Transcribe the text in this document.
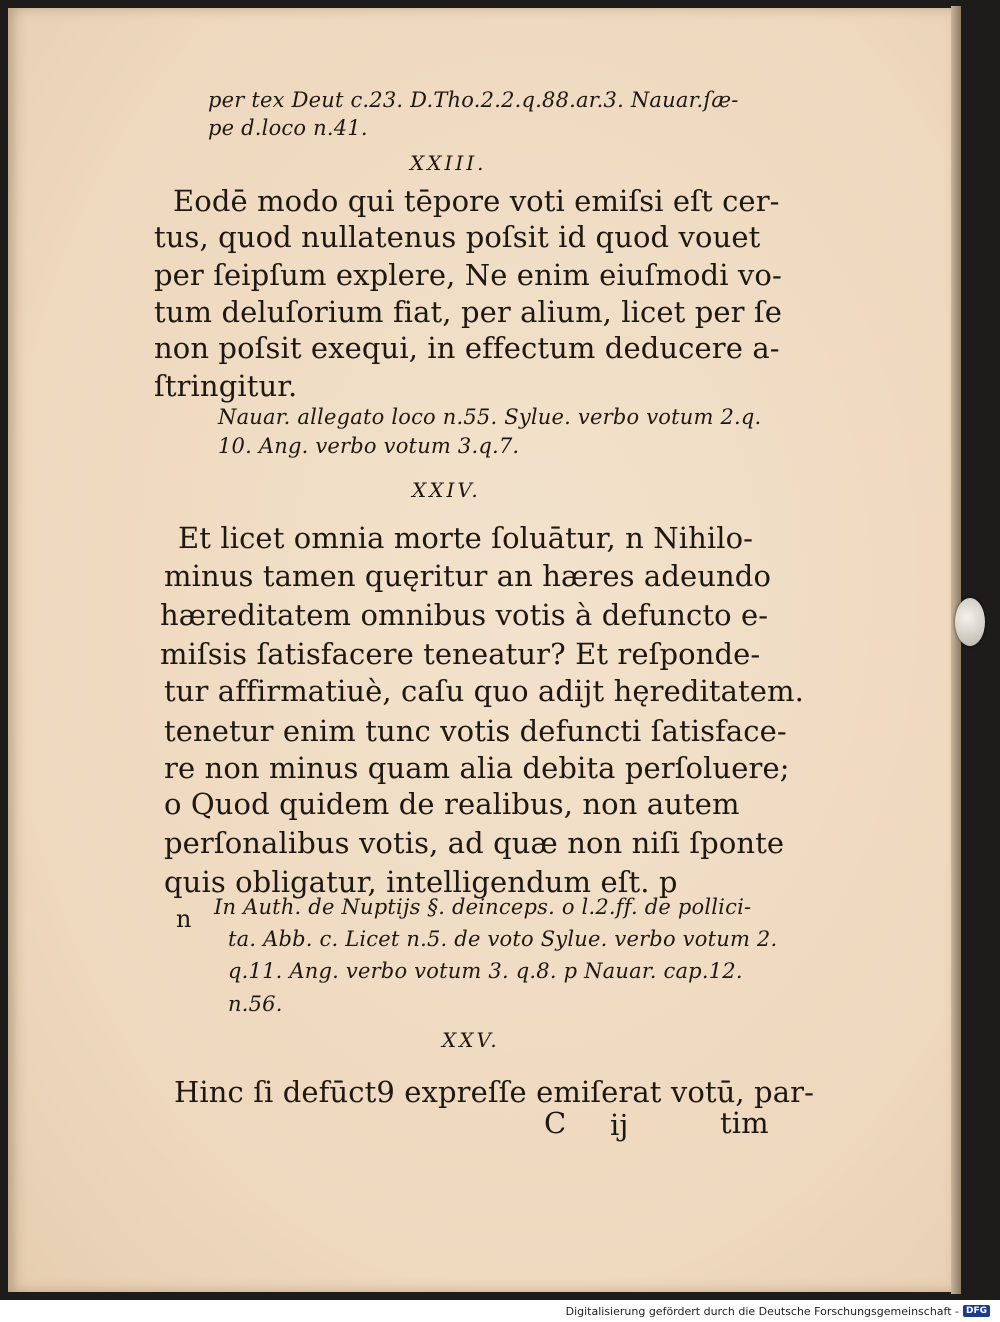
per tex Deut c.23. D.Tho.2.2.q.88.ar.3. Nauar.ſæ-
pe d.loco n.41.
XXIII.
Eodē modo qui tēpore voti emiſsi eſt cer-
tus, quod nullatenus poſsit id quod vouet
per ſeipſum explere, Ne enim eiuſmodi vo-
tum deluſorium fiat, per alium, licet per ſe
non poſsit exequi, in effectum deducere a-
ſtringitur.
Nauar. allegato loco n.55. Sylue. verbo votum 2.q.
10. Ang. verbo votum 3.q.7.
XXIV.
Et licet omnia morte ſoluātur, n Nihilo-
minus tamen quęritur an hæres adeundo
hæreditatem omnibus votis à defuncto e-
miſsis ſatisfacere teneatur? Et reſponde-
tur affirmatiuè, caſu quo adijt hęreditatem.
tenetur enim tunc votis defuncti ſatisface-
re non minus quam alia debita perſoluere;
o Quod quidem de realibus, non autem
perſonalibus votis, ad quæ non niſi ſponte
quis obligatur, intelligendum eſt. p
n In Auth. de Nuptijs §. deinceps. o l.2.ff. de pollici-
ta. Abb. c. Licet n.5. de voto Sylue. verbo votum 2.
q.11. Ang. verbo votum 3. q.8. p Nauar. cap.12.
n.56.
XXV.
Hinc ſi defūct9 expreſſe emiſerat votū, par-
C ij	tim
Digitalisierung gefördert durch die Deutsche Forschungsgemeinschaft - DFG
